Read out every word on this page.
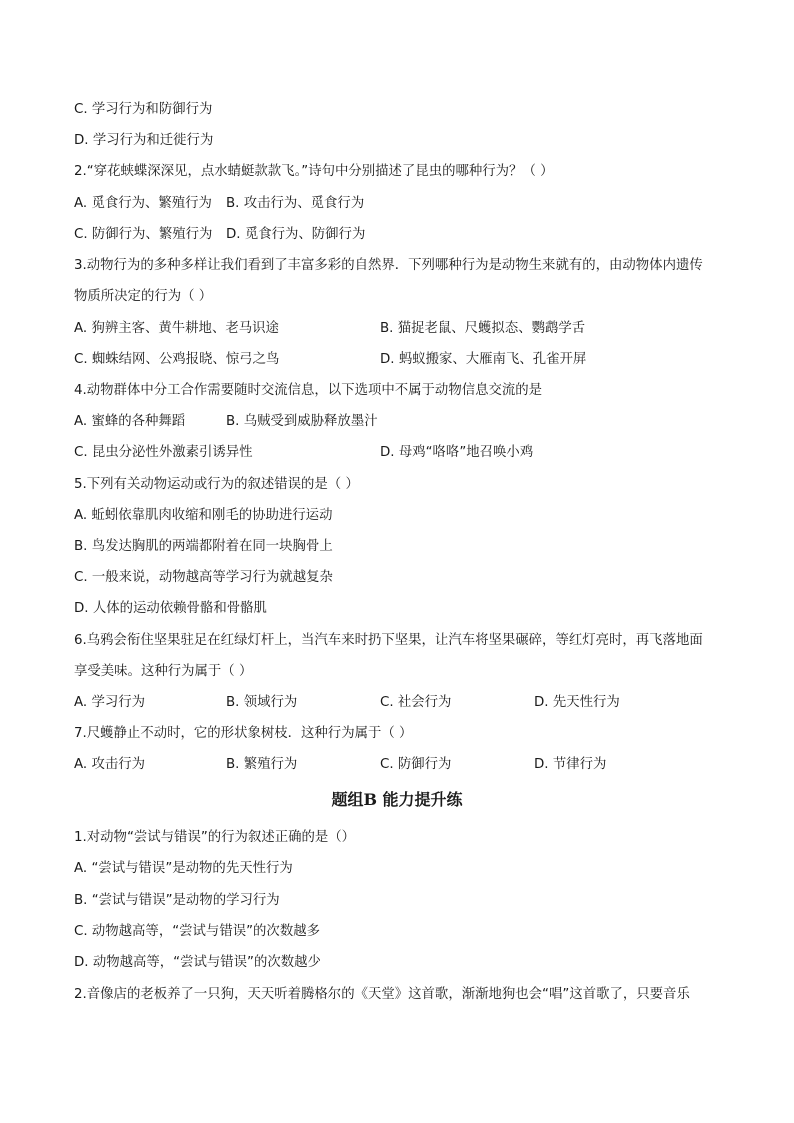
C. 学习行为和防御行为
D. 学习行为和迁徙行为
2.“穿花蛱蝶深深见，点水蜻蜓款款飞。”诗句中分别描述了昆虫的哪种行为？（ ）
A. 觅食行为、繁殖行为 B. 攻击行为、觅食行为
C. 防御行为、繁殖行为 D. 觅食行为、防御行为
3.动物行为的多种多样让我们看到了丰富多彩的自然界．下列哪种行为是动物生来就有的，由动物体内遗传
物质所决定的行为（ ）
A. 狗辨主客、黄牛耕地、老马识途	B. 猫捉老鼠、尺蠖拟态、鹦鹉学舌
C. 蜘蛛结网、公鸡报晓、惊弓之鸟	D. 蚂蚁搬家、大雁南飞、孔雀开屏
4.动物群体中分工合作需要随时交流信息，以下选项中不属于动物信息交流的是
A. 蜜蜂的各种舞蹈	B. 乌贼受到威胁释放墨汁
C. 昆虫分泌性外激素引诱异性	D. 母鸡“咯咯”地召唤小鸡
5.下列有关动物运动或行为的叙述错误的是（ ）
A. 蚯蚓依靠肌肉收缩和刚毛的协助进行运动
B. 鸟发达胸肌的两端都附着在同一块胸骨上
C. 一般来说，动物越高等学习行为就越复杂
D. 人体的运动依赖骨骼和骨骼肌
6.乌鸦会衔住坚果驻足在红绿灯杆上，当汽车来时扔下坚果，让汽车将坚果碾碎，等红灯亮时，再飞落地面
享受美味。这种行为属于（ ）
A. 学习行为	B. 领域行为	C. 社会行为	D. 先天性行为
7.尺蠖静止不动时，它的形状象树枝．这种行为属于（ ）
A. 攻击行为	B. 繁殖行为	C. 防御行为	D. 节律行为
题组B 能力提升练
1.对动物“尝试与错误”的行为叙述正确的是（）
A. “尝试与错误”是动物的先天性行为
B. “尝试与错误”是动物的学习行为
C. 动物越高等，“尝试与错误”的次数越多
D. 动物越高等，“尝试与错误”的次数越少
2.音像店的老板养了一只狗，天天听着腾格尔的《天堂》这首歌，渐渐地狗也会“唱”这首歌了，只要音乐
